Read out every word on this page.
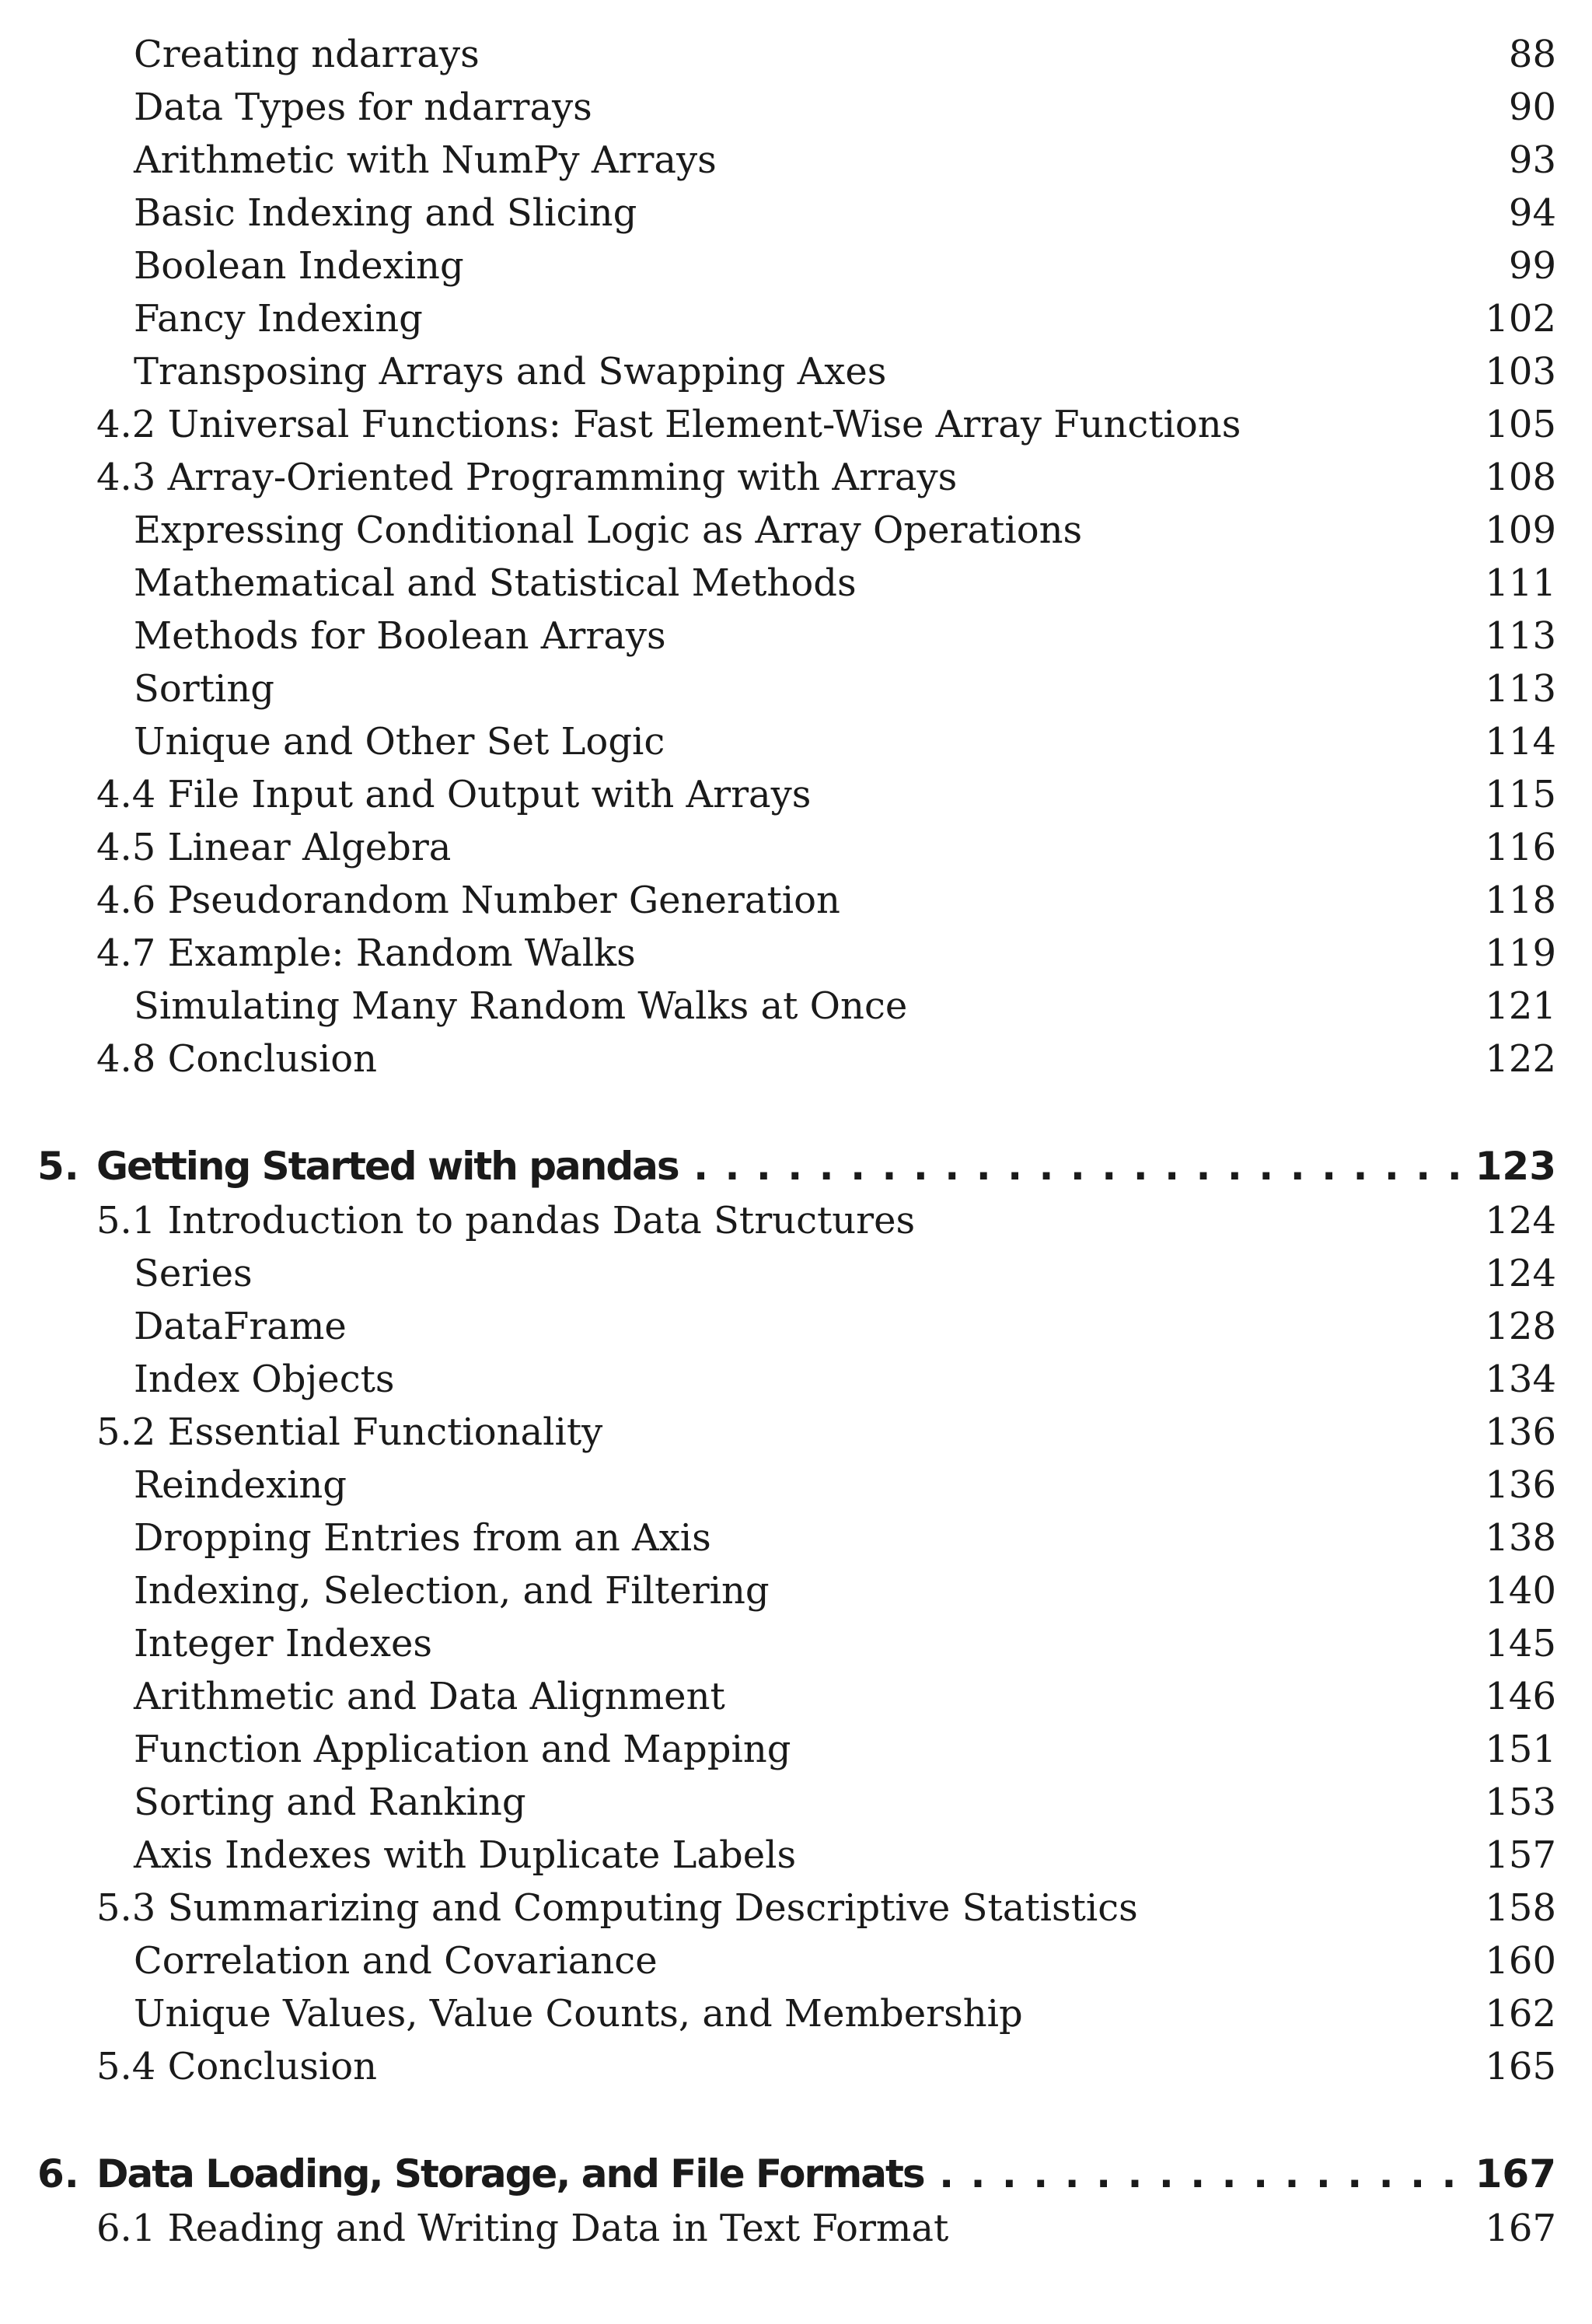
Creating ndarrays	88
Data Types for ndarrays	90
Arithmetic with NumPy Arrays	93
Basic Indexing and Slicing	94
Boolean Indexing	99
Fancy Indexing	102
Transposing Arrays and Swapping Axes	103
4.2 Universal Functions: Fast Element-Wise Array Functions	105
4.3 Array-Oriented Programming with Arrays	108
Expressing Conditional Logic as Array Operations	109
Mathematical and Statistical Methods	111
Methods for Boolean Arrays	113
Sorting	113
Unique and Other Set Logic	114
4.4 File Input and Output with Arrays	115
4.5 Linear Algebra	116
4.6 Pseudorandom Number Generation	118
4.7 Example: Random Walks	119
Simulating Many Random Walks at Once	121
4.8 Conclusion	122
5. Getting Started with pandas . . .	123
5.1 Introduction to pandas Data Structures	124
Series	124
DataFrame	128
Index Objects	134
5.2 Essential Functionality	136
Reindexing	136
Dropping Entries from an Axis	138
Indexing, Selection, and Filtering	140
Integer Indexes	145
Arithmetic and Data Alignment	146
Function Application and Mapping	151
Sorting and Ranking	153
Axis Indexes with Duplicate Labels	157
5.3 Summarizing and Computing Descriptive Statistics	158
Correlation and Covariance	160
Unique Values, Value Counts, and Membership	162
5.4 Conclusion	165
6. Data Loading, Storage, and File Formats . . .	167
6.1 Reading and Writing Data in Text Format	167
